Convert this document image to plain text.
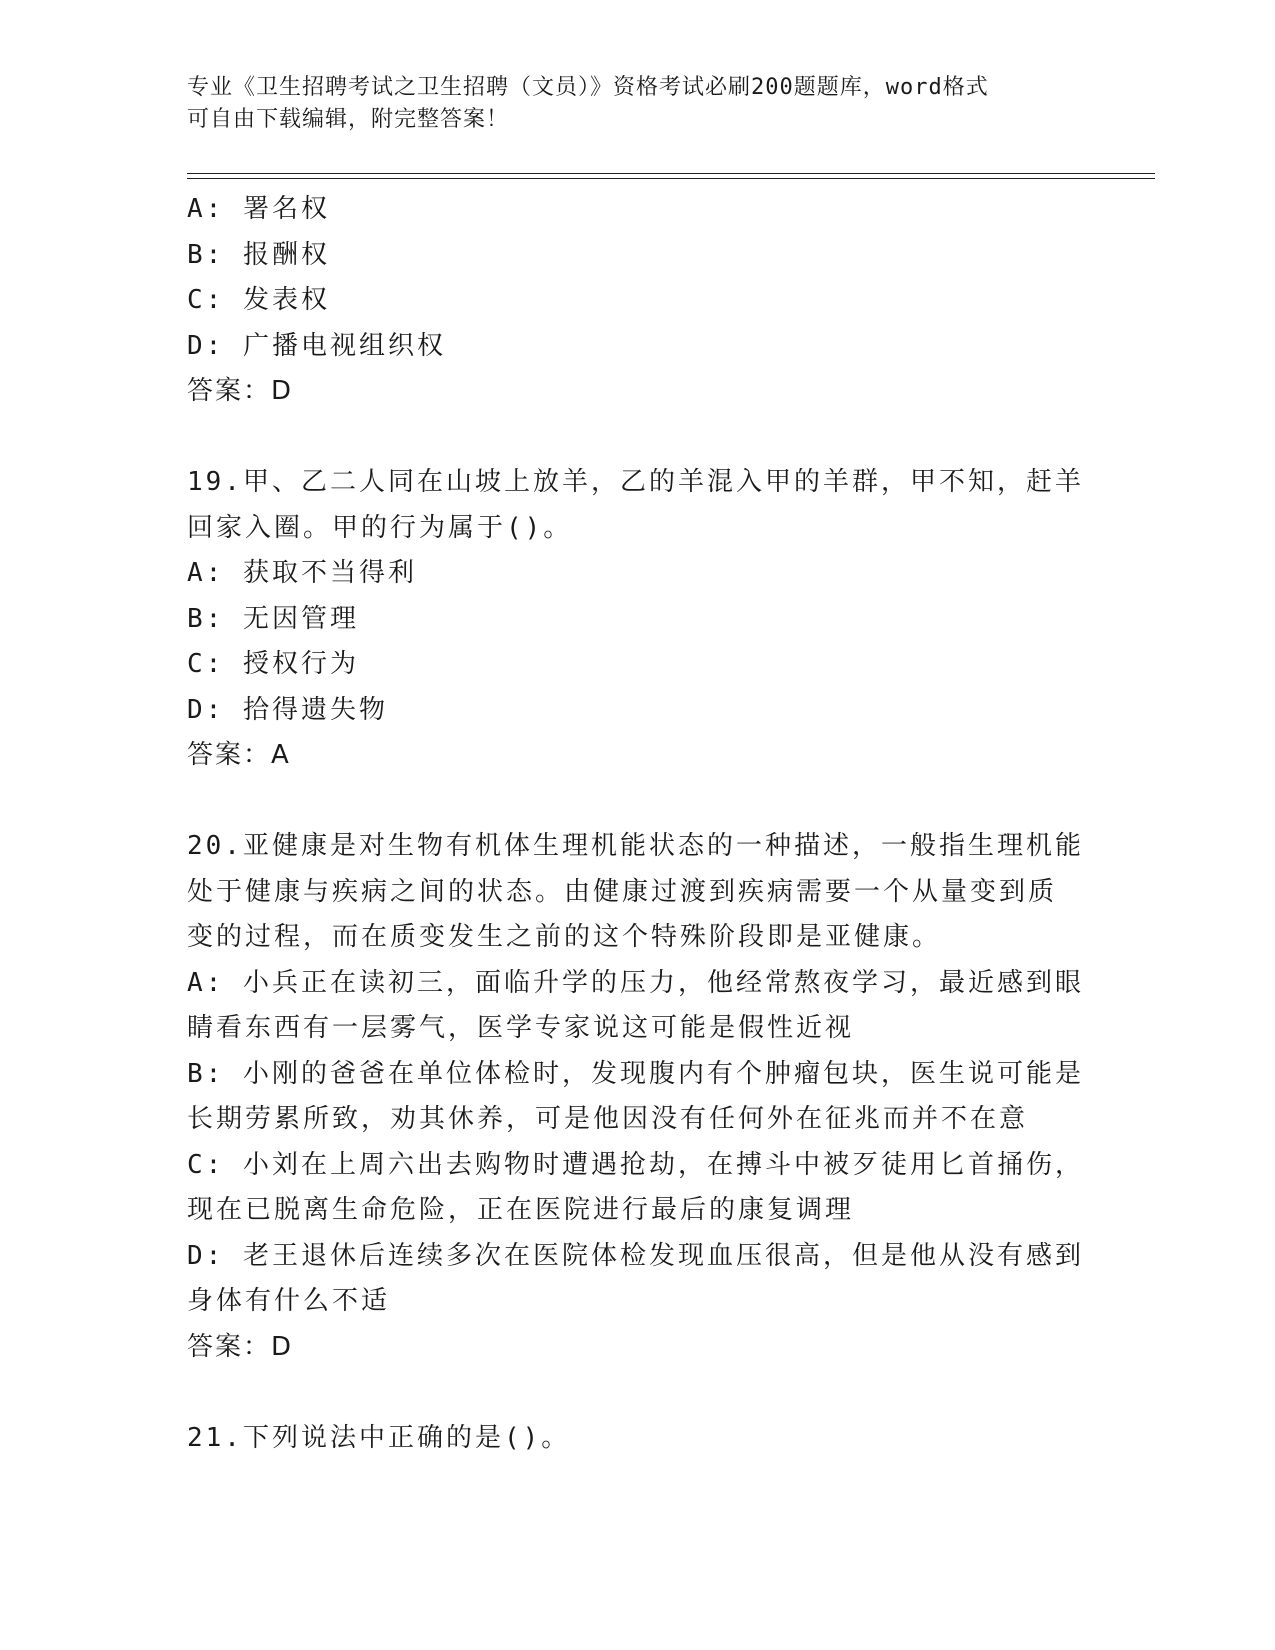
专业《卫生招聘考试之卫生招聘（文员）》资格考试必刷200题题库，word格式
可自由下载编辑，附完整答案！
A: 署名权
B: 报酬权
C: 发表权
D: 广播电视组织权
答案：D
19.甲、乙二人同在山坡上放羊，乙的羊混入甲的羊群，甲不知，赶羊
回家入圈。甲的行为属于()。
A: 获取不当得利
B: 无因管理
C: 授权行为
D: 拾得遗失物
答案：A
20.亚健康是对生物有机体生理机能状态的一种描述，一般指生理机能
处于健康与疾病之间的状态。由健康过渡到疾病需要一个从量变到质
变的过程，而在质变发生之前的这个特殊阶段即是亚健康。
A: 小兵正在读初三，面临升学的压力，他经常熬夜学习，最近感到眼
睛看东西有一层雾气，医学专家说这可能是假性近视
B: 小刚的爸爸在单位体检时，发现腹内有个肿瘤包块，医生说可能是
长期劳累所致，劝其休养，可是他因没有任何外在征兆而并不在意
C: 小刘在上周六出去购物时遭遇抢劫，在搏斗中被歹徒用匕首捅伤，
现在已脱离生命危险，正在医院进行最后的康复调理
D: 老王退休后连续多次在医院体检发现血压很高，但是他从没有感到
身体有什么不适
答案：D
21.下列说法中正确的是()。
